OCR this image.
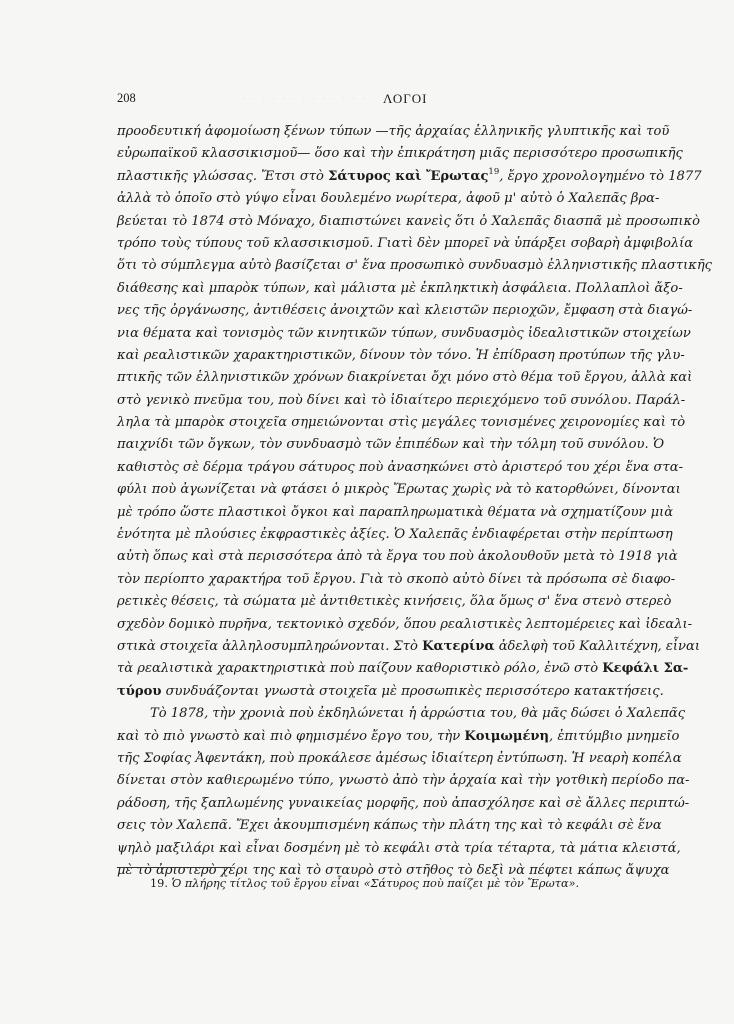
· · · · · · · · · · · · ·
208	ΛΟΓΟΙ
προοδευτική ἀφομοίωση ξένων τύπων —τῆς ἀρχαίας ἑλληνικῆς γλυπτικῆς καὶ τοῦ
εὐρωπαϊκοῦ κλασσικισμοῦ— ὅσο καὶ τὴν ἐπικράτηση μιᾶς περισσότερο προσωπικῆς
πλαστικῆς γλώσσας. Ἔτσι στὸ Σάτυρος καὶ Ἔρωτας$^{19}$, ἔργο χρονολογημένο τὸ 1877
ἀλλὰ τὸ ὁποῖο στὸ γύψο εἶναι δουλεμένο νωρίτερα, ἀφοῦ μ' αὐτὸ ὁ Χαλεπᾶς βρα-
βεύεται τὸ 1874 στὸ Μόναχο, διαπιστώνει κανεὶς ὅτι ὁ Χαλεπᾶς διασπᾶ μὲ προσωπικὸ
τρόπο τοὺς τύπους τοῦ κλασσικισμοῦ. Γιατὶ δὲν μπορεῖ νὰ ὑπάρξει σοβαρὴ ἀμφιβολία
ὅτι τὸ σύμπλεγμα αὐτὸ βασίζεται σ' ἕνα προσωπικὸ συνδυασμὸ ἑλληνιστικῆς πλαστικῆς
διάθεσης καὶ μπαρὸκ τύπων, καὶ μάλιστα μὲ ἐκπληκτικὴ ἀσφάλεια. Πολλαπλοὶ ἄξο-
νες τῆς ὀργάνωσης, ἀντιθέσεις ἀνοιχτῶν καὶ κλειστῶν περιοχῶν, ἔμφαση στὰ διαγώ-
νια θέματα καὶ τονισμὸς τῶν κινητικῶν τύπων, συνδυασμὸς ἰδεαλιστικῶν στοιχείων
καὶ ρεαλιστικῶν χαρακτηριστικῶν, δίνουν τὸν τόνο. Ἡ ἐπίδραση προτύπων τῆς γλυ-
πτικῆς τῶν ἑλληνιστικῶν χρόνων διακρίνεται ὄχι μόνο στὸ θέμα τοῦ ἔργου, ἀλλὰ καὶ
στὸ γενικὸ πνεῦμα του, ποὺ δίνει καὶ τὸ ἰδιαίτερο περιεχόμενο τοῦ συνόλου. Παράλ-
ληλα τὰ μπαρὸκ στοιχεῖα σημειώνονται στὶς μεγάλες τονισμένες χειρονομίες καὶ τὸ
παιχνίδι τῶν ὄγκων, τὸν συνδυασμὸ τῶν ἐπιπέδων καὶ τὴν τόλμη τοῦ συνόλου. Ὁ
καθιστὸς σὲ δέρμα τράγου σάτυρος ποὺ ἀνασηκώνει στὸ ἀριστερό του χέρι ἕνα στα-
φύλι ποὺ ἀγωνίζεται νὰ φτάσει ὁ μικρὸς Ἔρωτας χωρὶς νὰ τὸ κατορθώνει, δίνονται
μὲ τρόπο ὥστε πλαστικοὶ ὄγκοι καὶ παραπληρωματικὰ θέματα νὰ σχηματίζουν μιὰ
ἑνότητα μὲ πλούσιες ἐκφραστικὲς ἀξίες. Ὁ Χαλεπᾶς ἐνδιαφέρεται στὴν περίπτωση
αὐτὴ ὅπως καὶ στὰ περισσότερα ἀπὸ τὰ ἔργα του ποὺ ἀκολουθοῦν μετὰ τὸ 1918 γιὰ
τὸν περίοπτο χαρακτήρα τοῦ ἔργου. Γιὰ τὸ σκοπὸ αὐτὸ δίνει τὰ πρόσωπα σὲ διαφο-
ρετικὲς θέσεις, τὰ σώματα μὲ ἀντιθετικὲς κινήσεις, ὅλα ὅμως σ' ἕνα στενὸ στερεὸ
σχεδὸν δομικὸ πυρῆνα, τεκτονικὸ σχεδόν, ὅπου ρεαλιστικὲς λεπτομέρειες καὶ ἰδεαλι-
στικὰ στοιχεῖα ἀλληλοσυμπληρώνονται. Στὸ Κατερίνα ἀδελφὴ τοῦ Καλλιτέχνη, εἶναι
τὰ ρεαλιστικὰ χαρακτηριστικὰ ποὺ παίζουν καθοριστικὸ ρόλο, ἐνῶ στὸ Κεφάλι Σα-
τύρου συνδυάζονται γνωστὰ στοιχεῖα μὲ προσωπικὲς περισσότερο κατακτήσεις.
Τὸ 1878, τὴν χρονιὰ ποὺ ἐκδηλώνεται ἡ ἀρρώστια του, θὰ μᾶς δώσει ὁ Χαλεπᾶς
καὶ τὸ πιὸ γνωστὸ καὶ πιὸ φημισμένο ἔργο του, τὴν Κοιμωμένη, ἐπιτύμβιο μνημεῖο
τῆς Σοφίας Ἀφεντάκη, ποὺ προκάλεσε ἀμέσως ἰδιαίτερη ἐντύπωση. Ἡ νεαρὴ κοπέλα
δίνεται στὸν καθιερωμένο τύπο, γνωστὸ ἀπὸ τὴν ἀρχαία καὶ τὴν γοτθικὴ περίοδο πα-
ράδοση, τῆς ξαπλωμένης γυναικείας μορφῆς, ποὺ ἀπασχόλησε καὶ σὲ ἄλλες περιπτώ-
σεις τὸν Χαλεπᾶ. Ἔχει ἀκουμπισμένη κάπως τὴν πλάτη της καὶ τὸ κεφάλι σὲ ἕνα
ψηλὸ μαξιλάρι καὶ εἶναι δοσμένη μὲ τὸ κεφάλι στὰ τρία τέταρτα, τὰ μάτια κλειστά,
μὲ τὸ ἀριστερὸ χέρι της καὶ τὸ σταυρὸ στὸ στῆθος τὸ δεξὶ νὰ πέφτει κάπως ἄψυχα
19. Ὁ πλήρης τίτλος τοῦ ἔργου εἶναι «Σάτυρος ποὺ παίζει μὲ τὸν Ἔρωτα».
